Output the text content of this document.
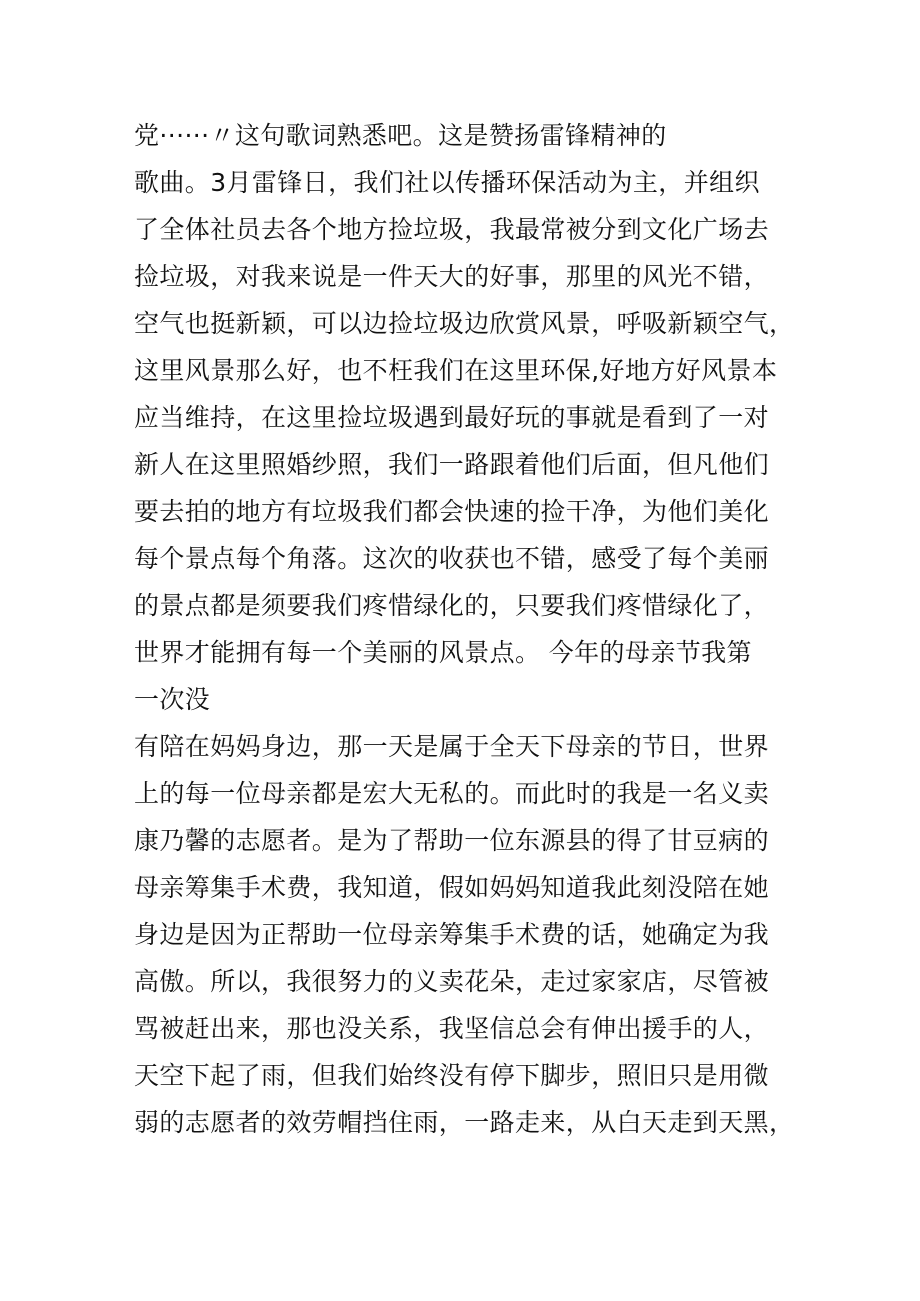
党······〃这句歌词熟悉吧。这是赞扬雷锋精神的
歌曲。3月雷锋日，我们社以传播环保活动为主，并组织
了全体社员去各个地方捡垃圾，我最常被分到文化广场去
捡垃圾，对我来说是一件天大的好事，那里的风光不错，
空气也挺新颖，可以边捡垃圾边欣赏风景，呼吸新颖空气，
这里风景那么好，也不枉我们在这里环保,好地方好风景本
应当维持，在这里捡垃圾遇到最好玩的事就是看到了一对
新人在这里照婚纱照，我们一路跟着他们后面，但凡他们
要去拍的地方有垃圾我们都会快速的捡干净，为他们美化
每个景点每个角落。这次的收获也不错，感受了每个美丽
的景点都是须要我们疼惜绿化的，只要我们疼惜绿化了，
世界才能拥有每一个美丽的风景点。 今年的母亲节我第
一次没
有陪在妈妈身边，那一天是属于全天下母亲的节日，世界
上的每一位母亲都是宏大无私的。而此时的我是一名义卖
康乃馨的志愿者。是为了帮助一位东源县的得了甘豆病的
母亲筹集手术费，我知道，假如妈妈知道我此刻没陪在她
身边是因为正帮助一位母亲筹集手术费的话，她确定为我
高傲。所以，我很努力的义卖花朵，走过家家店，尽管被
骂被赶出来，那也没关系，我坚信总会有伸出援手的人，
天空下起了雨，但我们始终没有停下脚步，照旧只是用微
弱的志愿者的效劳帽挡住雨，一路走来，从白天走到天黑，
